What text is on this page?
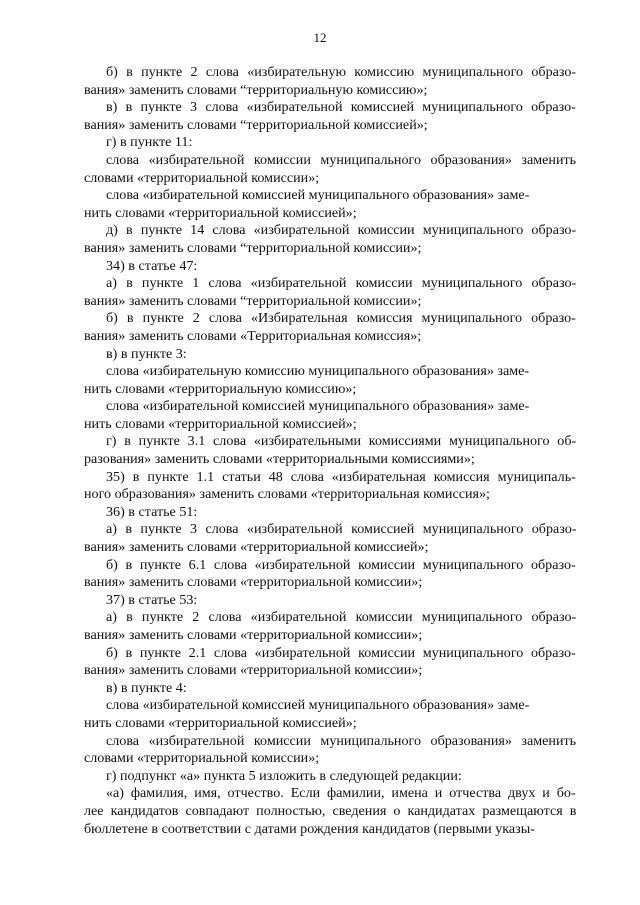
12
б) в пункте 2 слова «избирательную комиссию муниципального образо-
вания» заменить словами “территориальную комиссию»;
в) в пункте 3 слова «избирательной комиссией муниципального образо-
вания» заменить словами “территориальной комиссией»;
г) в пункте 11:
слова «избирательной комиссии муниципального образования» заменить
словами «территориальной комиссии»;
слова «избирательной комиссией муниципального образования» заме-
нить словами «территориальной комиссией»;
д) в пункте 14 слова «избирательной комиссии муниципального образо-
вания» заменить словами “территориальной комиссии»;
34) в статье 47:
а) в пункте 1 слова «избирательной комиссии муниципального образо-
вания» заменить словами “территориальной комиссии»;
б) в пункте 2 слова «Избирательная комиссия муниципального образо-
вания» заменить словами «Территориальная комиссия»;
в) в пункте 3:
слова «избирательную комиссию муниципального образования» заме-
нить словами «территориальную комиссию»;
слова «избирательной комиссией муниципального образования» заме-
нить словами «территориальной комиссией»;
г) в пункте 3.1 слова «избирательными комиссиями муниципального об-
разования» заменить словами «территориальными комиссиями»;
35) в пункте 1.1 статьи 48 слова «избирательная комиссия муниципаль-
ного образования» заменить словами «территориальная комиссия»;
36) в статье 51:
а) в пункте 3 слова «избирательной комиссией муниципального образо-
вания» заменить словами «территориальной комиссией»;
б) в пункте 6.1 слова «избирательной комиссии муниципального образо-
вания» заменить словами «территориальной комиссии»;
37) в статье 53:
а) в пункте 2 слова «избирательной комиссии муниципального образо-
вания» заменить словами «территориальной комиссии»;
б) в пункте 2.1 слова «избирательной комиссии муниципального образо-
вания» заменить словами «территориальной комиссии»;
в) в пункте 4:
слова «избирательной комиссией муниципального образования» заме-
нить словами «территориальной комиссией»;
слова «избирательной комиссии муниципального образования» заменить
словами «территориальной комиссии»;
г) подпункт «а» пункта 5 изложить в следующей редакции:
«а) фамилия, имя, отчество. Если фамилии, имена и отчества двух и бо-
лее кандидатов совпадают полностью, сведения о кандидатах размещаются в
бюллетене в соответствии с датами рождения кандидатов (первыми указы-
